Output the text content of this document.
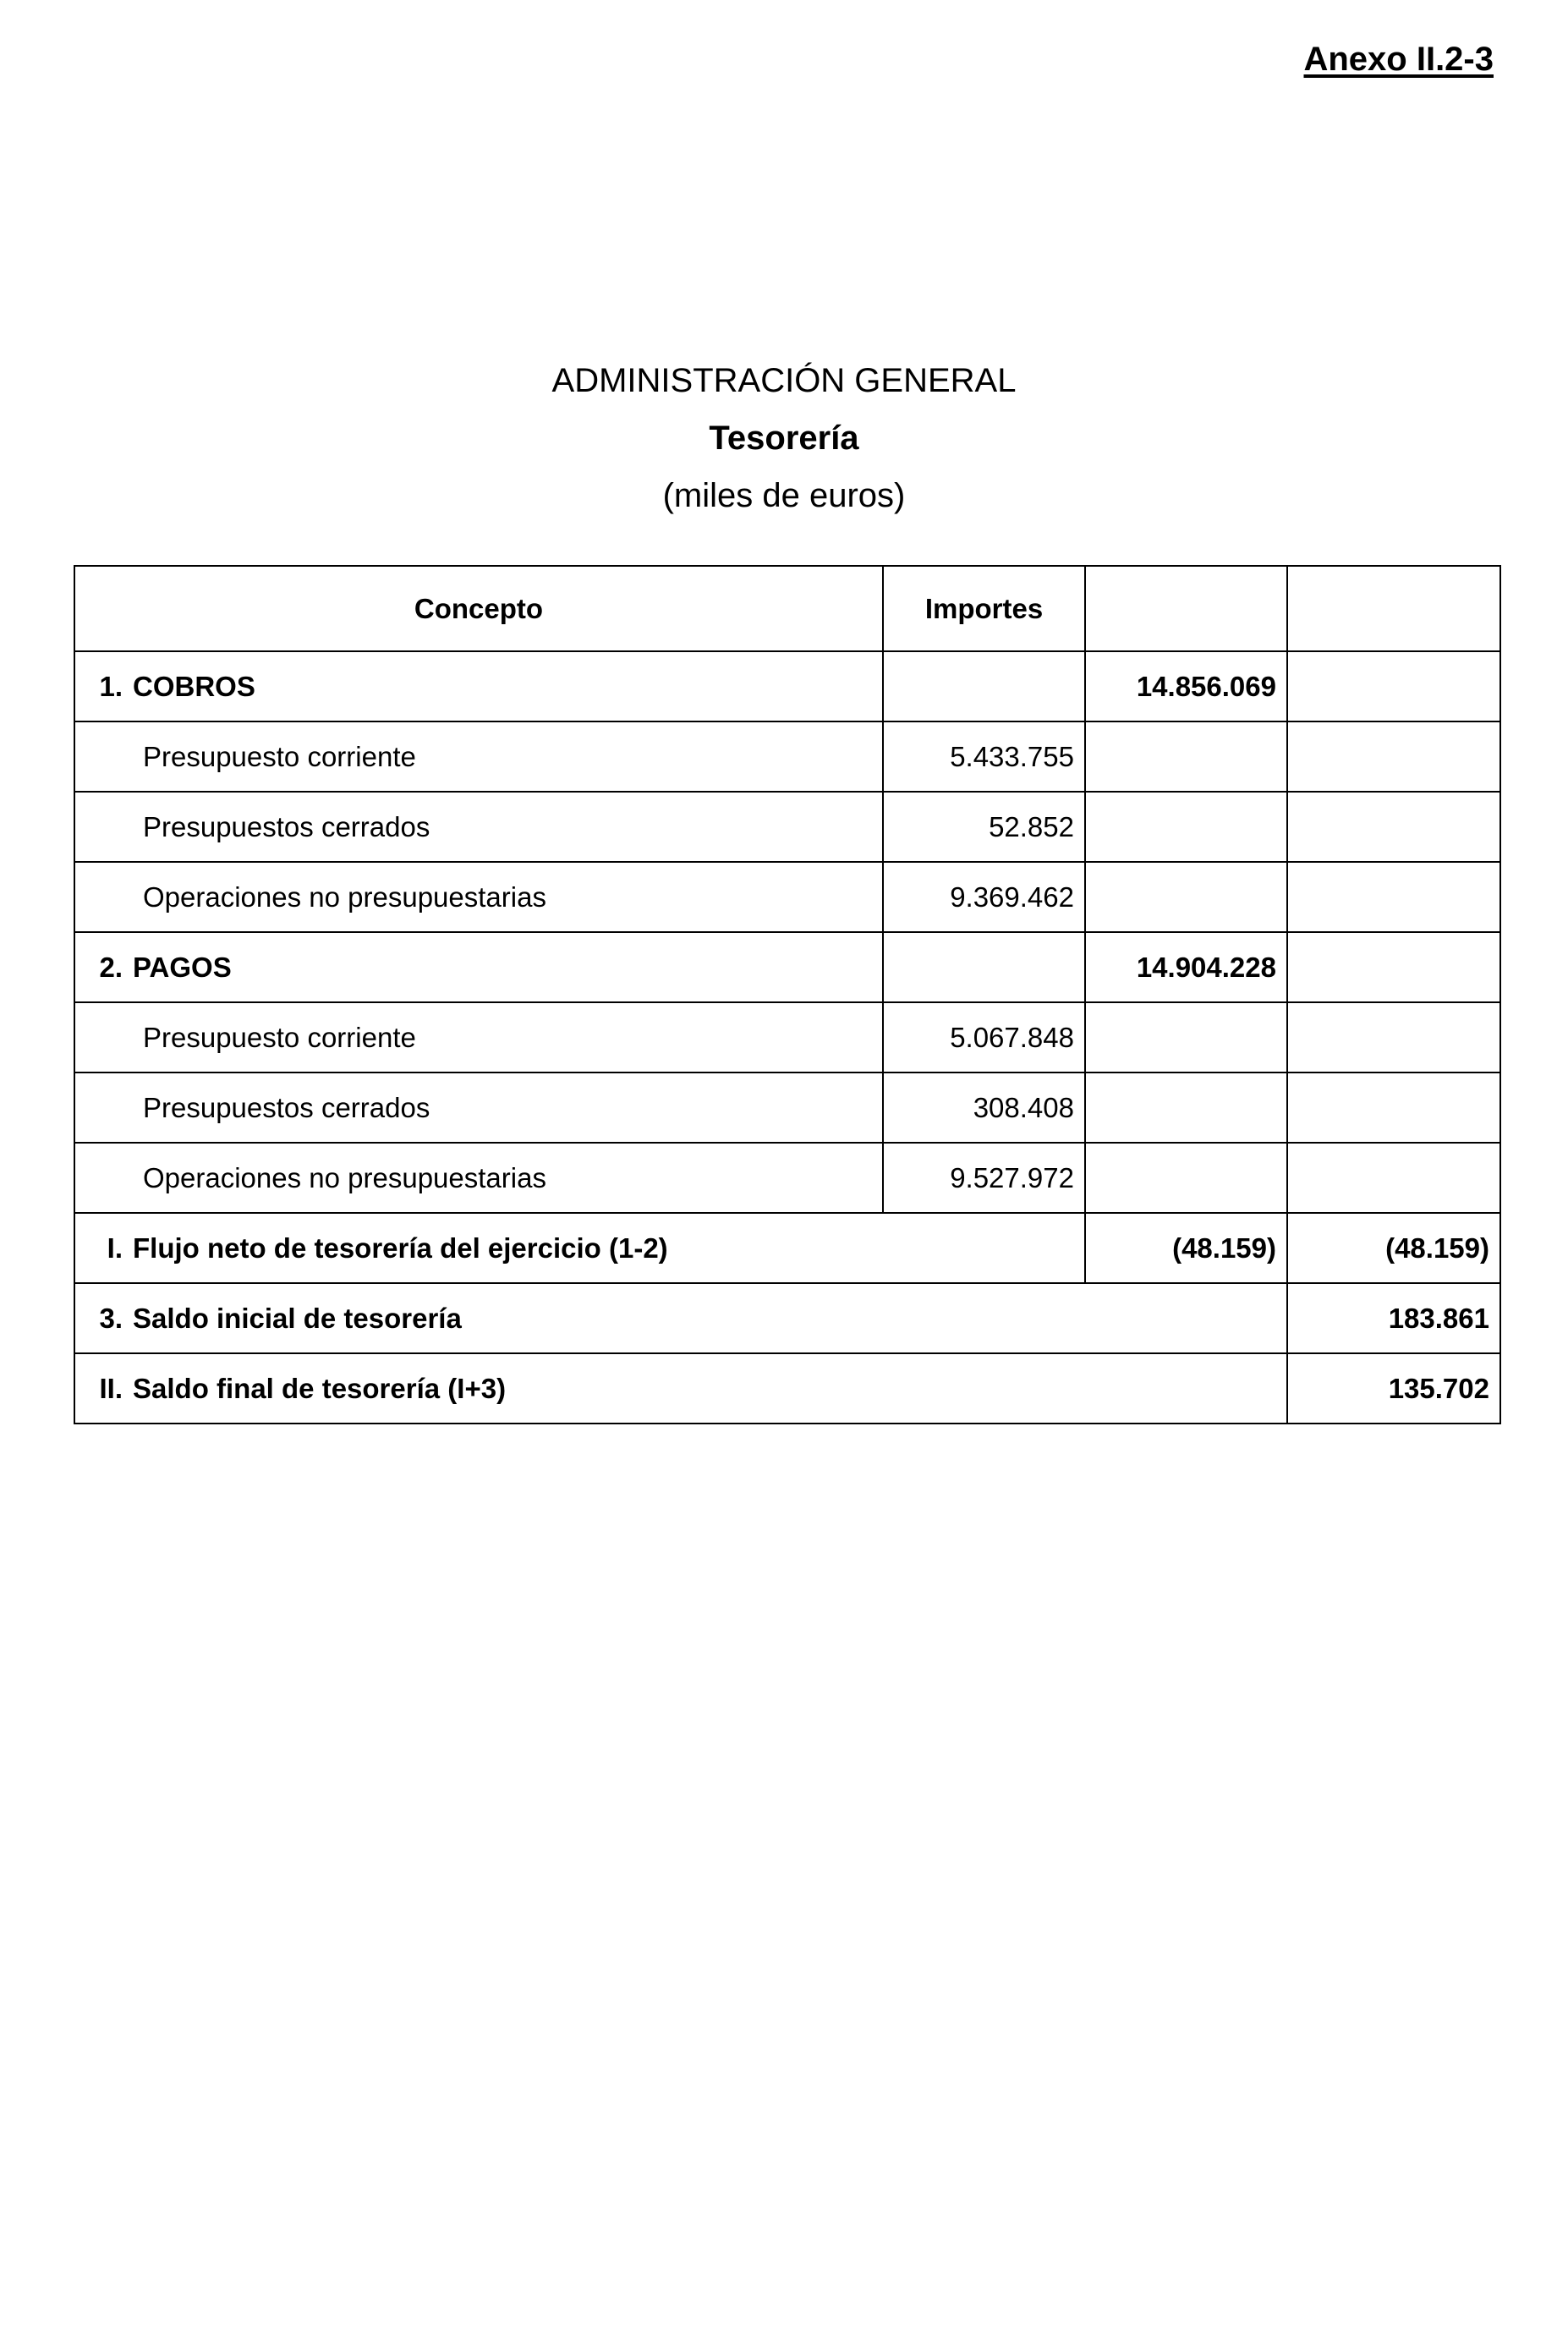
Anexo II.2-3
ADMINISTRACIÓN GENERAL
Tesorería
(miles de euros)
Concepto	Importes		
1. COBROS		14.856.069	
Presupuesto corriente	5.433.755		
Presupuestos cerrados	52.852		
Operaciones no presupuestarias	9.369.462		
2. PAGOS		14.904.228	
Presupuesto corriente	5.067.848		
Presupuestos cerrados	308.408		
Operaciones no presupuestarias	9.527.972		
I. Flujo neto de tesorería del ejercicio (1-2)		(48.159)	(48.159)
3. Saldo inicial de tesorería			183.861
II. Saldo final de tesorería (I+3)			135.702
